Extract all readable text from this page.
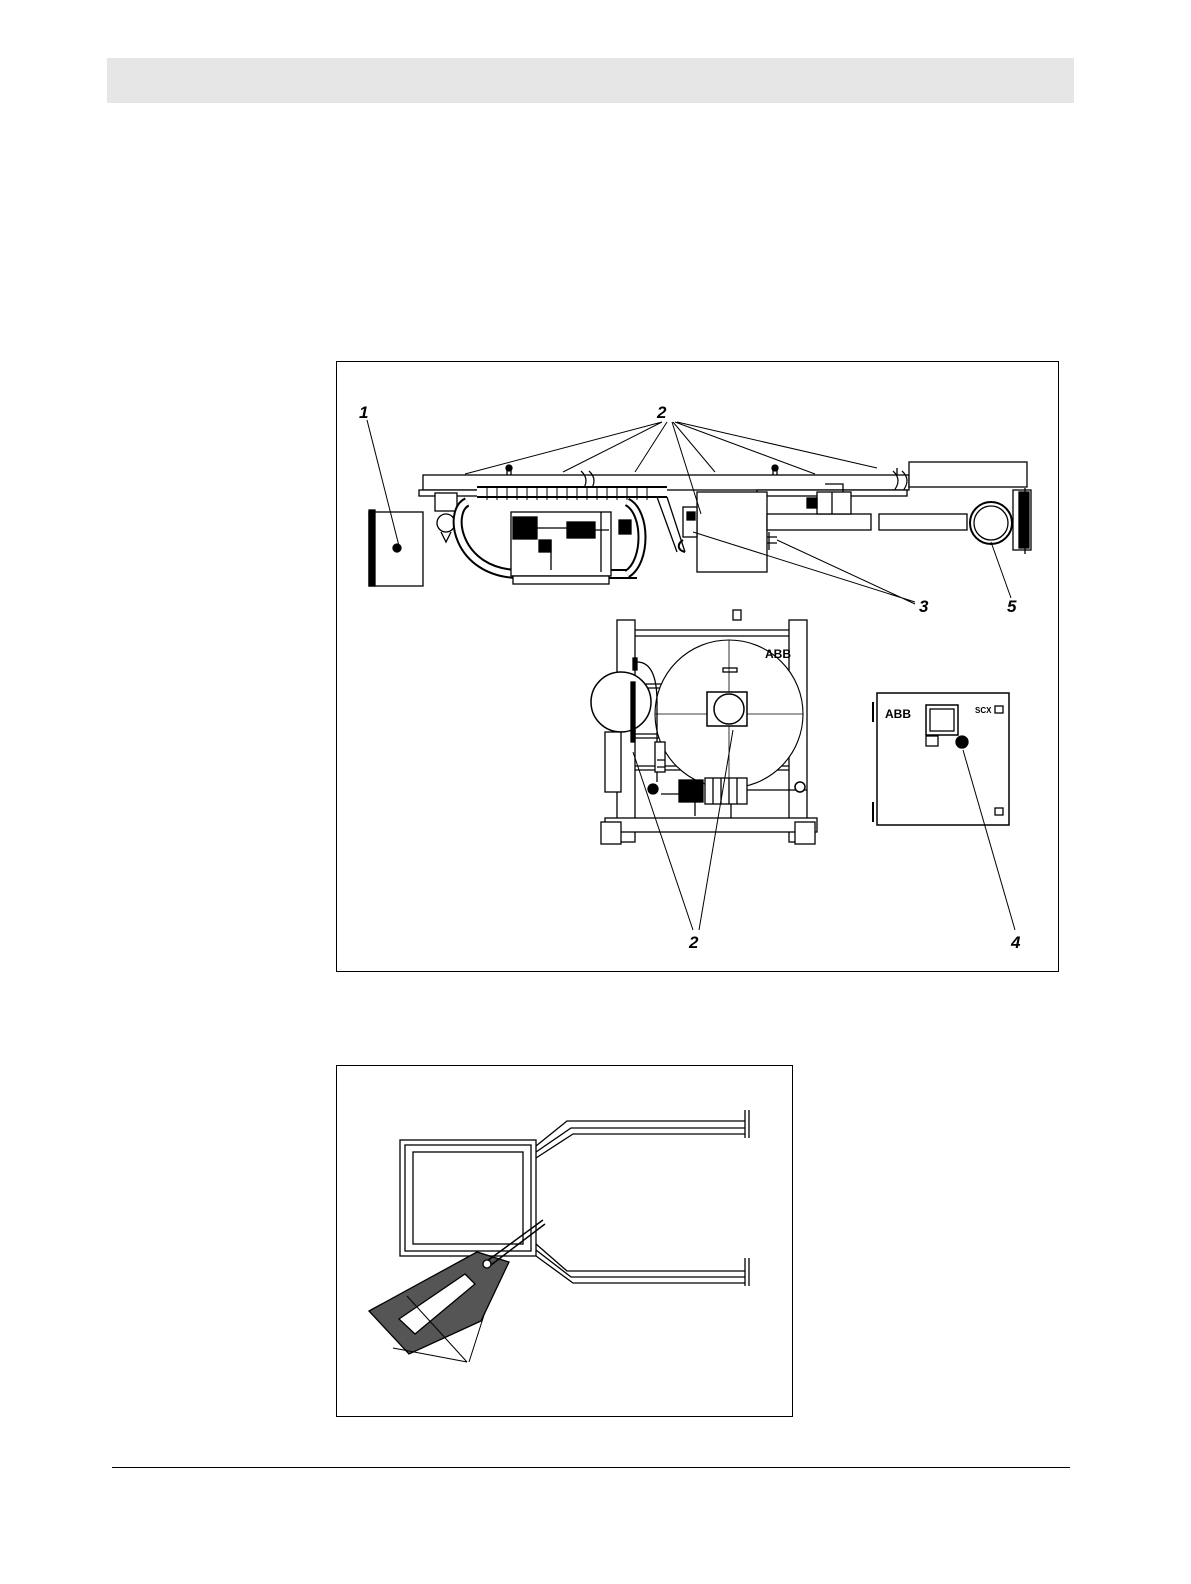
1	2
3	5
ABB
2
ABB	SCX
4
